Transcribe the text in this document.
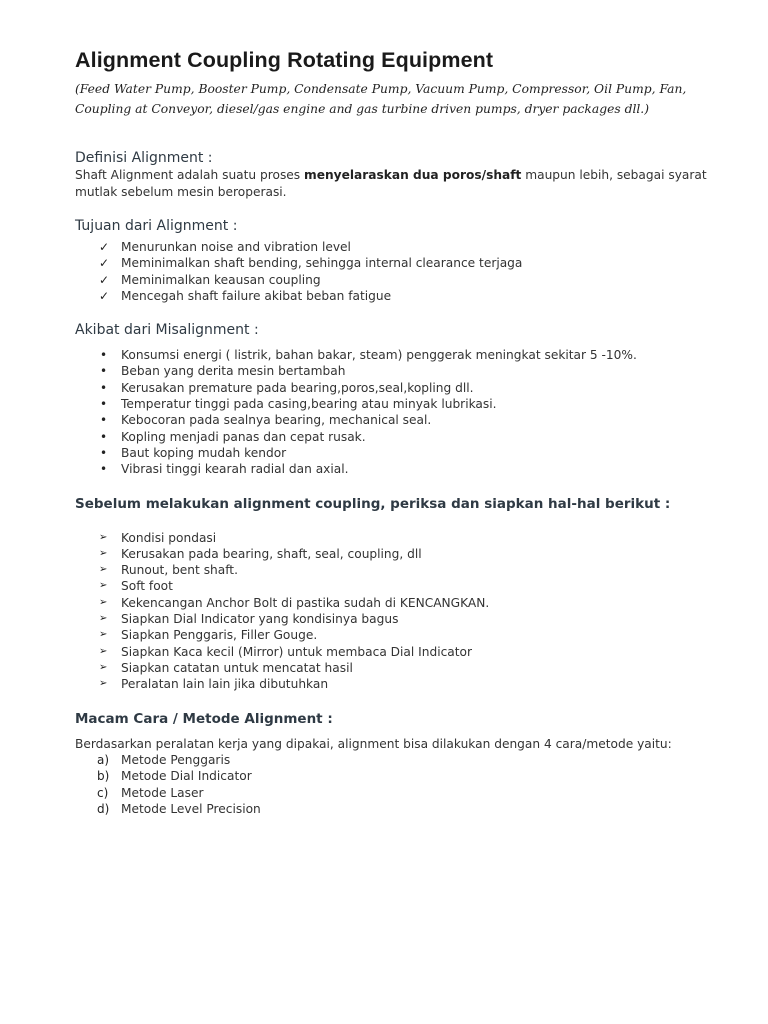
Alignment Coupling Rotating Equipment

(Feed Water Pump, Booster Pump, Condensate Pump, Vacuum Pump, Compressor, Oil Pump, Fan, Coupling at Conveyor, diesel/gas engine and gas turbine driven pumps, dryer packages dll.)

Definisi Alignment :

Shaft Alignment adalah suatu proses menyelaraskan dua poros/shaft maupun lebih, sebagai syarat mutlak sebelum mesin beroperasi.

Tujuan dari Alignment :
✓ Menurunkan noise and vibration level
✓ Meminimalkan shaft bending, sehingga internal clearance terjaga
✓ Meminimalkan keausan coupling
✓ Mencegah shaft failure akibat beban fatigue
Akibat dari Misalignment :
•	Konsumsi energi ( listrik, bahan bakar, steam) penggerak meningkat sekitar 5 -10%.
•	Beban yang derita mesin bertambah
•	Kerusakan premature pada bearing,poros,seal,kopling dll.
•	Temperatur tinggi pada casing,bearing atau minyak lubrikasi.
•	Kebocoran pada sealnya bearing, mechanical seal.
•	Kopling menjadi panas dan cepat rusak.
•	Baut koping mudah kendor
•	Vibrasi tinggi kearah radial dan axial.
Sebelum melakukan alignment coupling, periksa dan siapkan hal-hal berikut :
➢	Kondisi pondasi
➢	Kerusakan pada bearing, shaft, seal, coupling, dll
➢	Runout, bent shaft.
➢	Soft foot
➢	Kekencangan Anchor Bolt di pastika sudah di KENCANGKAN.
➢	Siapkan Dial Indicator yang kondisinya bagus
➢	Siapkan Penggaris, Filler Gouge.
➢	Siapkan Kaca kecil (Mirror) untuk membaca Dial Indicator
➢	Siapkan catatan untuk mencatat hasil
➢	Peralatan lain lain jika dibutuhkan
Macam Cara / Metode Alignment :

Berdasarkan peralatan kerja yang dipakai, alignment bisa dilakukan dengan 4 cara/metode yaitu:

a) Metode Penggaris
b) Metode Dial Indicator
c)	Metode Laser
d) Metode Level Precision
